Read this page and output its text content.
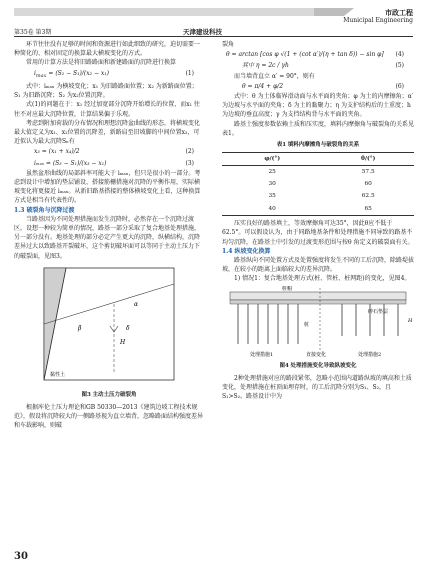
第35卷 第3期	天津建设科技
市政工程
Municipal Engineering

环节往往没有足够的时间和资源进行如此细致的研究，迫切需要一种简化的、相对固定的换算最大横坡变化的方式。

常用的计算方法是将旧路路面和新建路面的沉降进行换算

$i_{max} = (S_2 - S_1)/(x_2 - x_1)$	(1)

式中：iₘₐₓ 为横坡变化；x₁ 为旧路路面位置；x₂ 为新路面位置；S₁ 为旧路沉降；S₂ 为x₂位置沉降。

式(1)的问题在于：x₁ 经过加宽部分沉降开始增长的位置，而x₁ 往往不对应最大沉降位置，计算结果偏于乐观。

考虑到附加荷载的分布情况和理想沉降盆曲线的形态，将横坡变化最大值定义为x₁、x₂位置的沉降差，新路肩至旧坡脚的中间位置x₃，可近似认为最大沉降Sₙ有

x₃ = (x₁ + x₄)/2	(2)
iₘₐₓ = (S₃ − S₁)/(x₃ − x₁)	(3)

虽然盆形曲线的局部斜率可能大于 iₘₐₓ，但只是很小的一部分。考虑到设计中增加的垫层铺设、搭接筋栅措施对沉降的平衡作用，实际横坡变化将更接近 iₘₐₓ。从新旧路基搭接的整体横坡变化上看，这种换算方式是相当有代表性的。

1.3 破裂角与沉降过渡

当路基因为不同处理措施而发生沉降时，必然存在一个沉降过渡区。设想一种较为简单的情况，路基一部分采取了复合地基处理措施，另一部分没有。地基处理的部分必定产生更大的沉降，纵横结构，沉降差异过大以致路基开裂破坏，这个剪切破坏面可以等同于主动土压力下的破裂面，见图3。

α
β
H
δ
黏性土
图3 主动土压力破裂角

根据库伦土压力理论和GB 50330—2013《建筑边坡工程技术规范》，假设将沉降较大的一侧路基视为直立墙背，忽略路面结构强度差异和车载影响，则破

裂角

θ = arctan [cos φ √(1 + (cot α′)/(η + tan δ)) − sin φ] (4)
其中 η = 2c / γh	(5)

而当墙背直立 α′ = 90°，则有

θ = π/4 + φ/2	(6)

式中：θ 为土体临界滑动面与水平面的夹角；φ 为土的内摩擦角；α′ 为边坡与水平面的夹角；δ 为土的黏聚力；η 为支护结构后的土重度；h 为边坡的垂直高度；γ 为支挡结构背与水平面的夹角。

路基土强度参数依赖土质和压实度，填料内摩擦角与破裂角的关系见表1。

表1 填料内摩擦角与破裂角的关系
φ/(°)	θ/(°)
25	57.5
30	60
35	62.5
40	65

压实良好的路基填土，等效摩擦角可达35°，因此θ应不低于62.5°。可以假设认为，由于同路地基条件和处理措施不同导致的路基不均匀沉降，在路基土中引发的过渡变形范围与按θ 角定义的破裂面有关。

1.4 纵坡变化换算

路基纵向不同处置方式及处置强度将发生不同的工后沉降，除路堤拔坡，在较小的距离上面临较大的差异沉降。

1) 情况1：复合地基处理方式(桩、管桩、桩网距)的变化，见图4。

桩帽
碎石垫层
桩
H
处理措施1	直接变化	处理措施2
图4 处理措施变化导致纵坡变化

2种处理措施对应的路段紧邻，忽略小范围内道路纵坡的填高和土质变化，处理措施在桩顶面埋存时，的工后沉降分别为S₁、S₂，且S₁>S₂。路基设计中为

30
